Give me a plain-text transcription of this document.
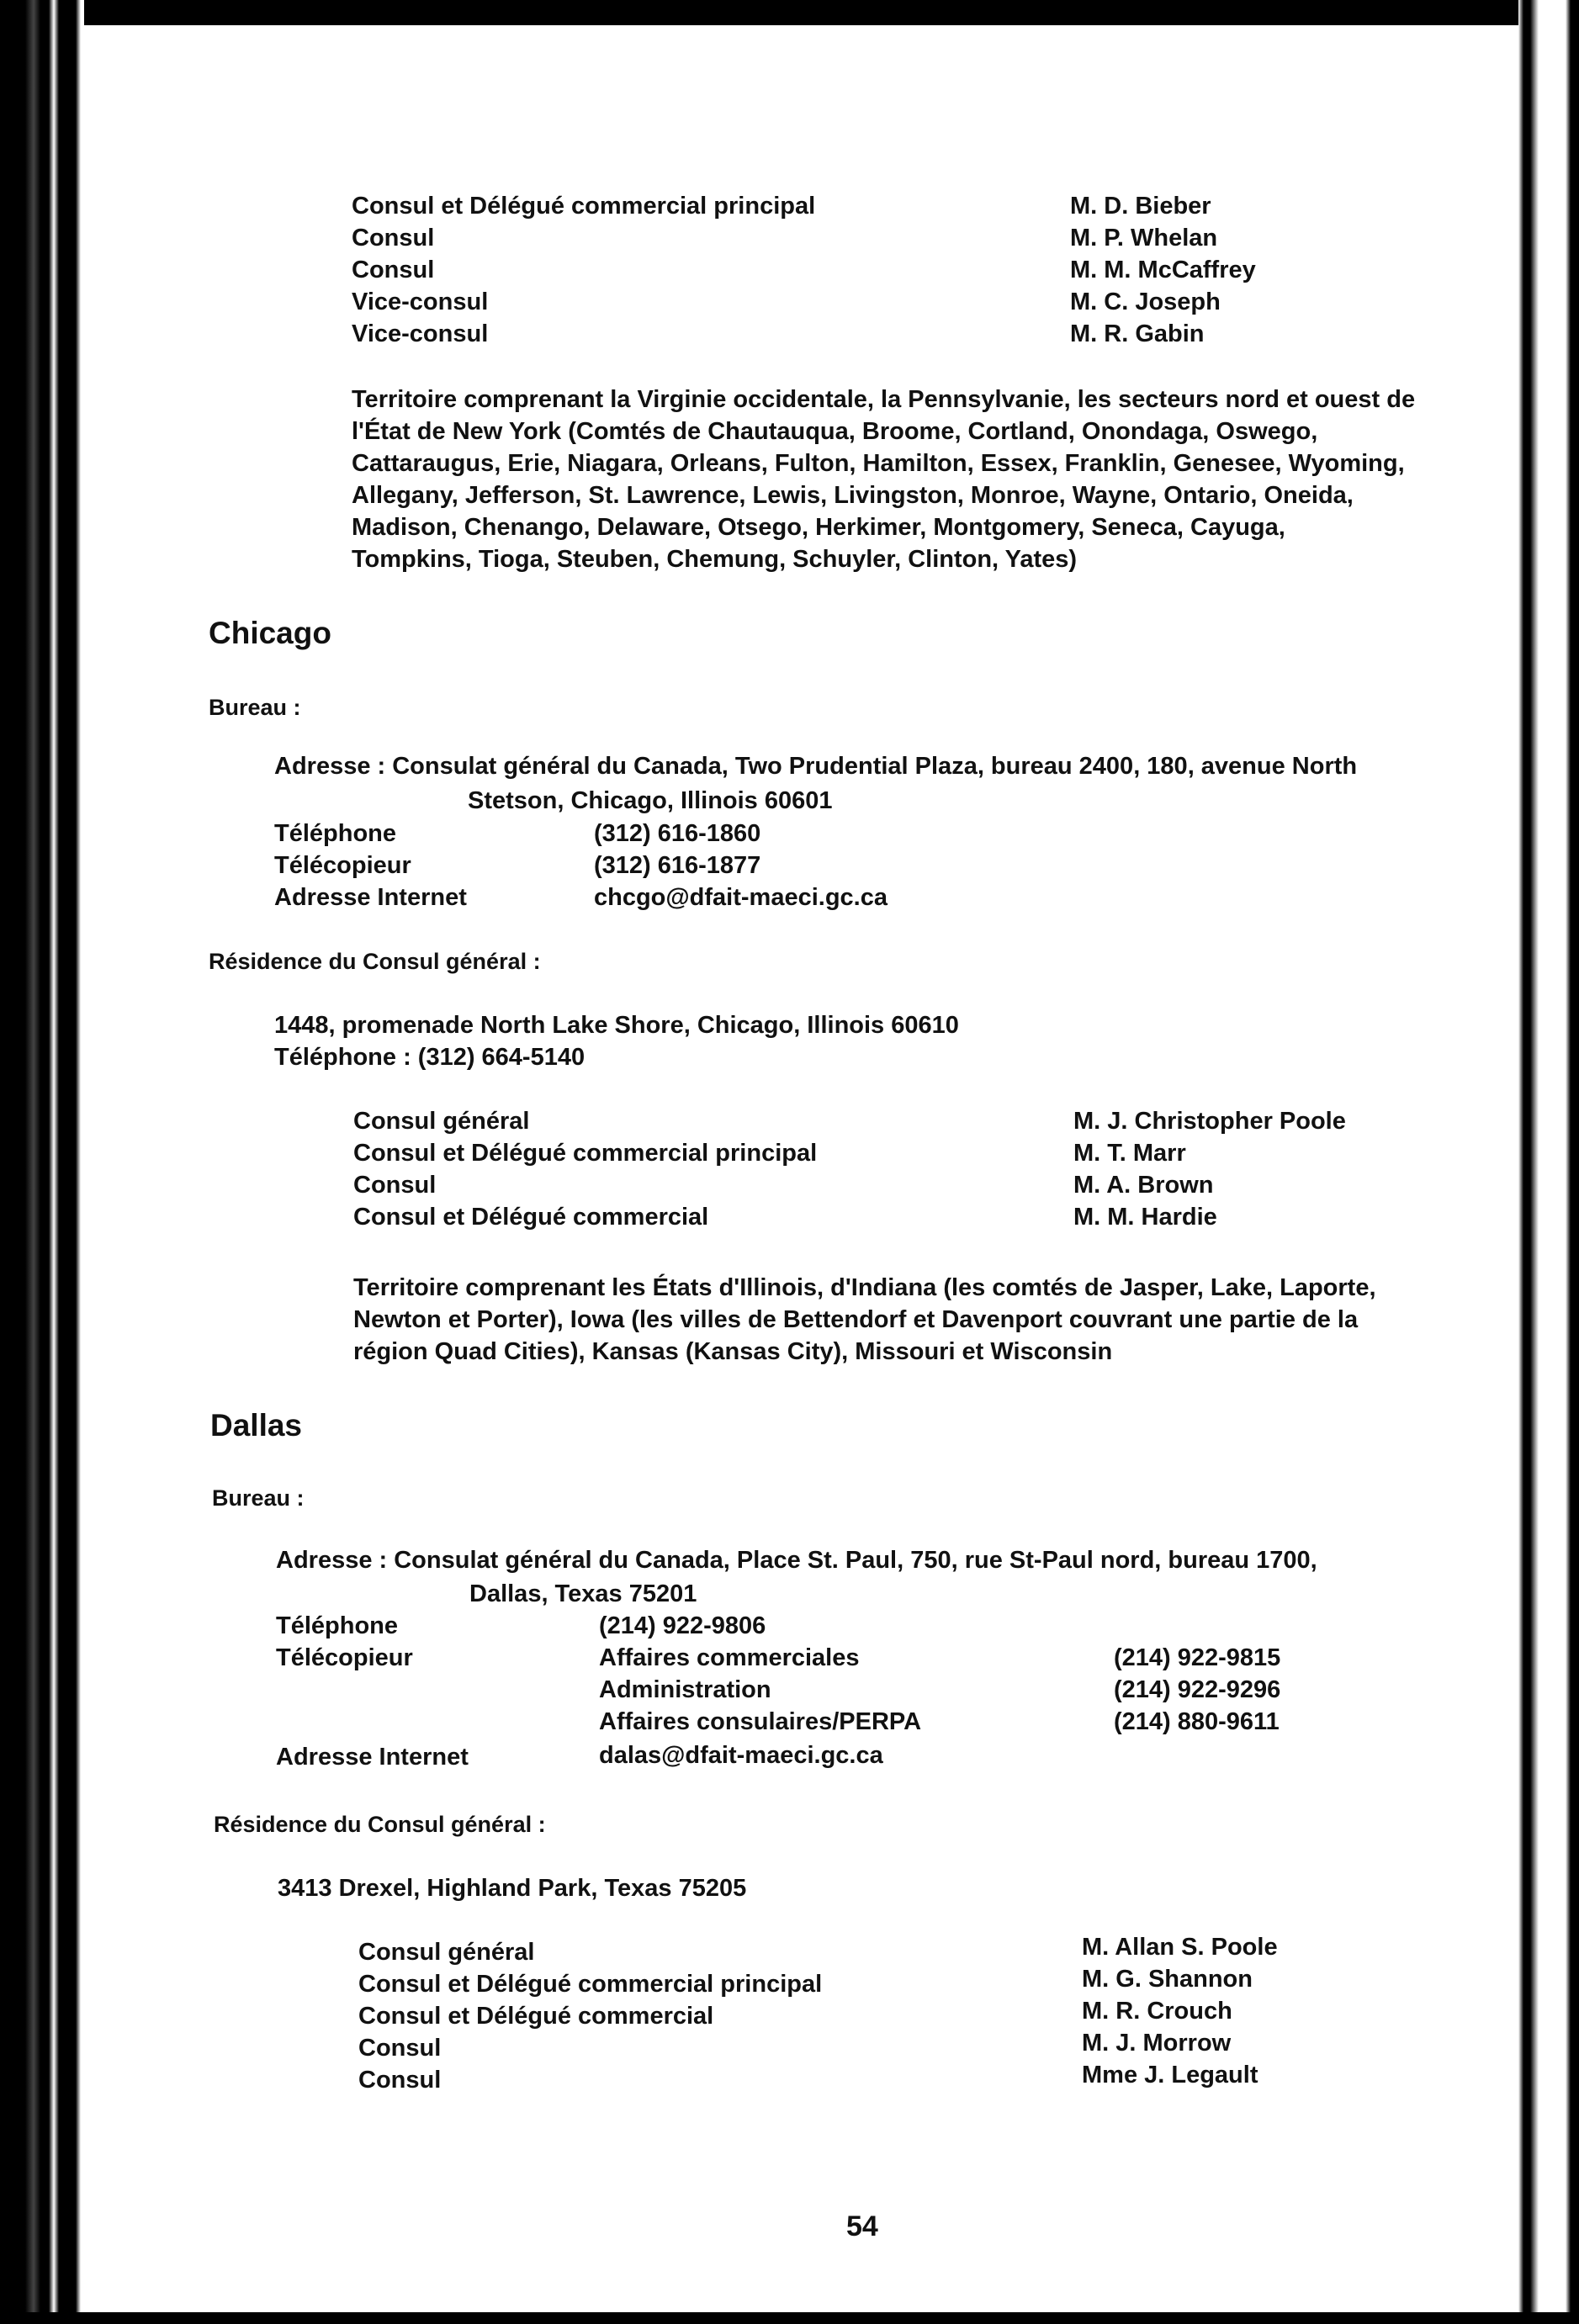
Consul et Délégué commercial principal
Consul
Consul
Vice-consul
Vice-consul
M. D. Bieber
M. P. Whelan
M. M. McCaffrey
M. C. Joseph
M. R. Gabin
Territoire comprenant la Virginie occidentale, la Pennsylvanie, les secteurs nord et ouest de
l'État de New York (Comtés de Chautauqua, Broome, Cortland, Onondaga, Oswego,
Cattaraugus, Erie, Niagara, Orleans, Fulton, Hamilton, Essex, Franklin, Genesee, Wyoming,
Allegany, Jefferson, St. Lawrence, Lewis, Livingston, Monroe, Wayne, Ontario, Oneida,
Madison, Chenango, Delaware, Otsego, Herkimer, Montgomery, Seneca, Cayuga,
Tompkins, Tioga, Steuben, Chemung, Schuyler, Clinton, Yates)
Chicago
Bureau :
Adresse : Consulat général du Canada, Two Prudential Plaza, bureau 2400, 180, avenue North
Stetson, Chicago, Illinois 60601
Téléphone
Télécopieur
Adresse Internet
(312) 616-1860
(312) 616-1877
chcgo@dfait-maeci.gc.ca
Résidence du Consul général :
1448, promenade North Lake Shore, Chicago, Illinois 60610
Téléphone : (312) 664-5140
Consul général
Consul et Délégué commercial principal
Consul
Consul et Délégué commercial
M. J. Christopher Poole
M. T. Marr
M. A. Brown
M. M. Hardie
Territoire comprenant les États d'Illinois, d'Indiana (les comtés de Jasper, Lake, Laporte,
Newton et Porter), Iowa (les villes de Bettendorf et Davenport couvrant une partie de la
région Quad Cities), Kansas (Kansas City), Missouri et Wisconsin
Dallas
Bureau :
Adresse : Consulat général du Canada, Place St. Paul, 750, rue St-Paul nord, bureau 1700,
Dallas, Texas 75201
Téléphone
Télécopieur
(214) 922-9806
Affaires commerciales
Administration
Affaires consulaires/PERPA
(214) 922-9815
(214) 922-9296
(214) 880-9611
Adresse Internet	dalas@dfait-maeci.gc.ca
Résidence du Consul général :
3413 Drexel, Highland Park, Texas 75205
Consul général
Consul et Délégué commercial principal
Consul et Délégué commercial
Consul
Consul
M. Allan S. Poole
M. G. Shannon
M. R. Crouch
M. J. Morrow
Mme J. Legault
54
